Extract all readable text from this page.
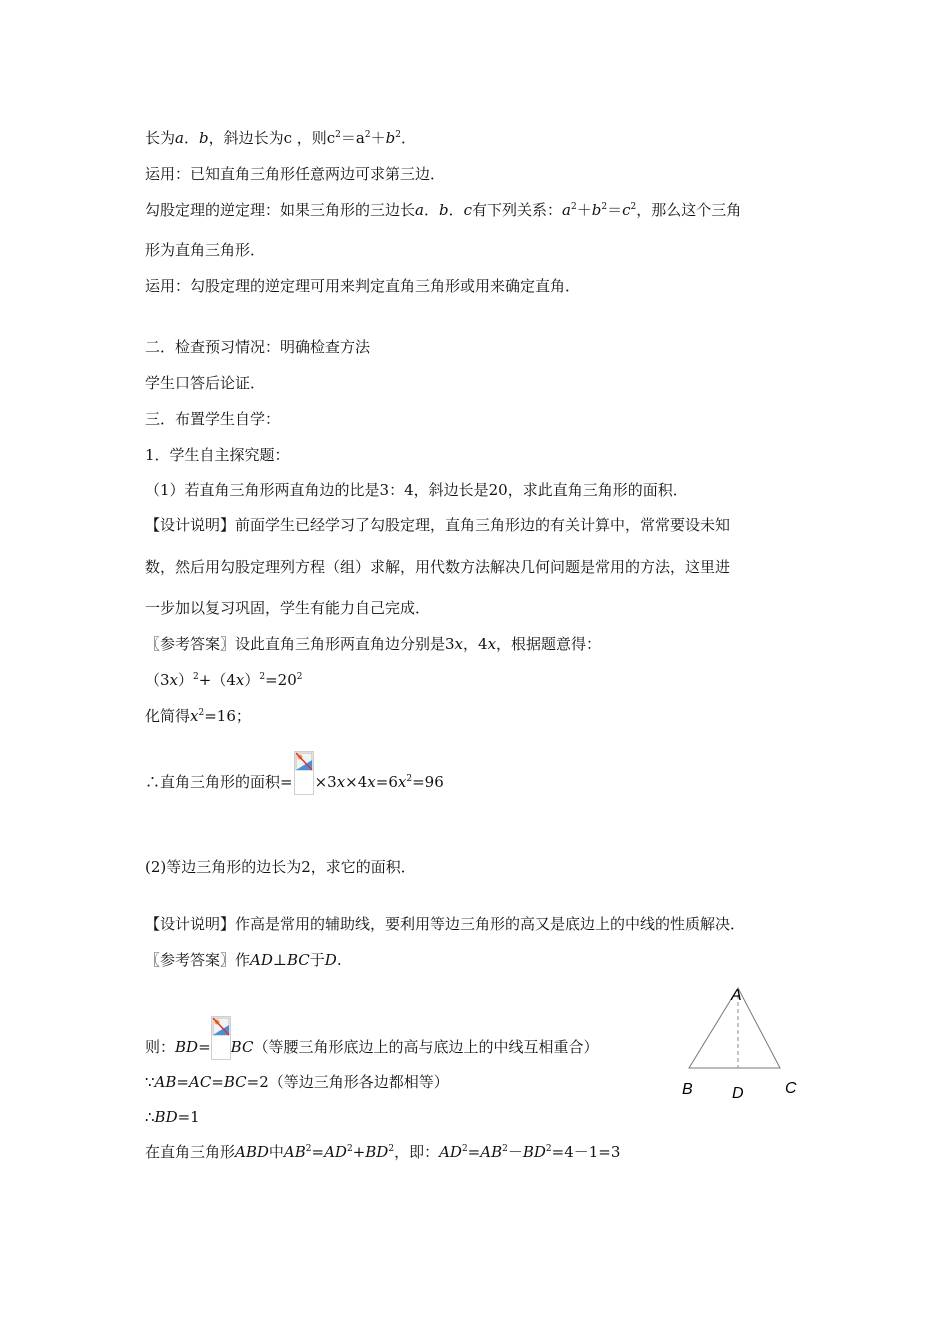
长为a．b，斜边长为c ，则$c^2=a^2+b^2$．
运用：已知直角三角形任意两边可求第三边．
勾股定理的逆定理：如果三角形的三边长a．b．c有下列关系：$a^2+b^2=c^2$，那么这个三角
形为直角三角形．
运用：勾股定理的逆定理可用来判定直角三角形或用来确定直角．
二．检查预习情况：明确检查方法
学生口答后论证．
三．布置学生自学：
1．学生自主探究题：
（1）若直角三角形两直角边的比是3：4，斜边长是20，求此直角三角形的面积．
【设计说明】前面学生已经学习了勾股定理，直角三角形边的有关计算中，常常要设未知
数，然后用勾股定理列方程（组）求解，用代数方法解决几何问题是常用的方法，这里进
一步加以复习巩固，学生有能力自己完成．
〖参考答案〗设此直角三角形两直角边分别是3x，4x，根据题意得：
$(3x)^2+(4x)^2=20^2$
化简得$x^2=16$；
∴直角三角形的面积= $\times 3x\times 4x=6x^2=96$
(2)等边三角形的边长为2，求它的面积．
【设计说明】作高是常用的辅助线，要利用等边三角形的高又是底边上的中线的性质解决．
〖参考答案〗作AD⊥BC于D.
则：BD= BC（等腰三角形底边上的高与底边上的中线互相重合）
∵AB=AC=BC=2（等边三角形各边都相等）
∴BD=1
在直角三角形ABD中$AB^2=AD^2+BD^2$，即：$AD^2=AB^2-BD^2=4-1=3$
A
B	C
D
